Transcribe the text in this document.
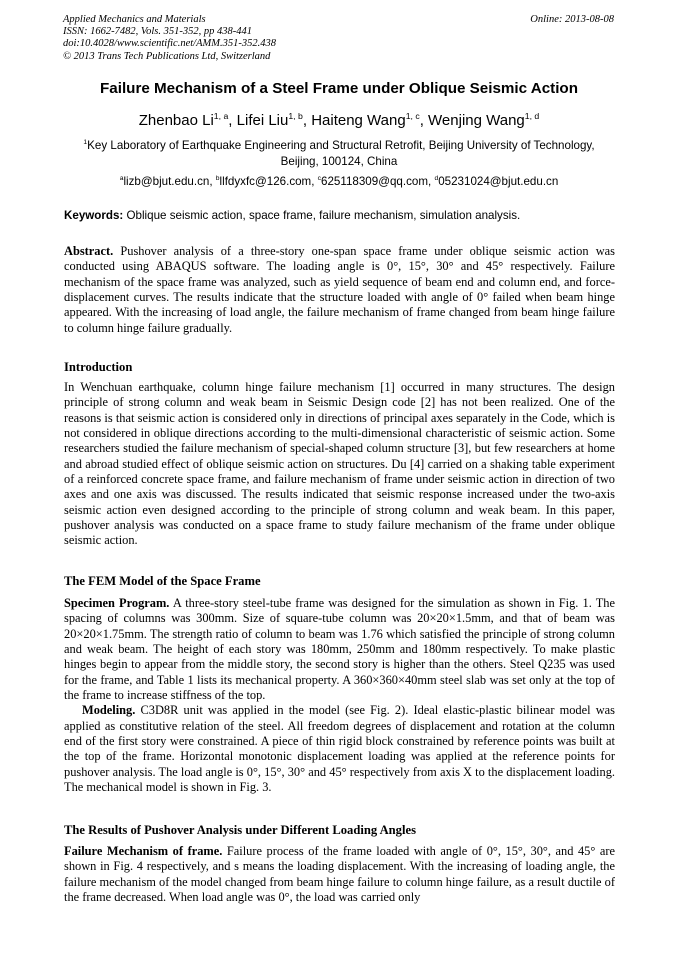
Applied Mechanics and Materials
ISSN: 1662-7482, Vols. 351-352, pp 438-441
doi:10.4028/www.scientific.net/AMM.351-352.438
© 2013 Trans Tech Publications Ltd, Switzerland
Online: 2013-08-08
Failure Mechanism of a Steel Frame under Oblique Seismic Action
Zhenbao Li$^{1, a}$, Lifei Liu$^{1, b}$, Haiteng Wang$^{1, c}$, Wenjing Wang$^{1, d}$
$^1$Key Laboratory of Earthquake Engineering and Structural Retrofit, Beijing University of Technology,
Beijing, 100124, China
$^a$lizb@bjut.edu.cn, $^b$llfdyxfc@126.com, $^c$625118309@qq.com, $^d$05231024@bjut.edu.cn
Keywords: Oblique seismic action, space frame, failure mechanism, simulation analysis.

Abstract. Pushover analysis of a three-story one-span space frame under oblique seismic action was conducted using ABAQUS software. The loading angle is 0°, 15°, 30° and 45° respectively. Failure mechanism of the space frame was analyzed, such as yield sequence of beam end and column end, and force-displacement curves. The results indicate that the structure loaded with angle of 0° failed when beam hinge appeared. With the increasing of load angle, the failure mechanism of frame changed from beam hinge failure to column hinge failure gradually.

Introduction

In Wenchuan earthquake, column hinge failure mechanism [1] occurred in many structures. The design principle of strong column and weak beam in Seismic Design code [2] has not been realized. One of the reasons is that seismic action is considered only in directions of principal axes separately in the Code, which is not considered in oblique directions according to the multi-dimensional characteristic of seismic action. Some researchers studied the failure mechanism of special-shaped column structure [3], but few researchers at home and abroad studied effect of oblique seismic action on structures. Du [4] carried on a shaking table experiment of a reinforced concrete space frame, and failure mechanism of frame under seismic action in direction of two axes and one axis was discussed. The results indicated that seismic response increased under the two-axis seismic action even designed according to the principle of strong column and weak beam. In this paper, pushover analysis was conducted on a space frame to study failure mechanism of the frame under oblique seismic action.

The FEM Model of the Space Frame

Specimen Program. A three-story steel-tube frame was designed for the simulation as shown in Fig. 1. The spacing of columns was 300mm. Size of square-tube column was 20×20×1.5mm, and that of beam was 20×20×1.75mm. The strength ratio of column to beam was 1.76 which satisfied the principle of strong column and weak beam. The height of each story was 180mm, 250mm and 180mm respectively. To make plastic hinges begin to appear from the middle story, the second story is higher than the others. Steel Q235 was used for the frame, and Table 1 lists its mechanical property. A 360×360×40mm steel slab was set only at the top of the frame to increase stiffness of the top.

Modeling. C3D8R unit was applied in the model (see Fig. 2). Ideal elastic-plastic bilinear model was applied as constitutive relation of the steel. All freedom degrees of displacement and rotation at the column end of the first story were constrained. A piece of thin rigid block constrained by reference points was built at the top of the frame. Horizontal monotonic displacement loading was applied at the reference points for pushover analysis. The load angle is 0°, 15°, 30° and 45° respectively from axis X to the displacement loading. The mechanical model is shown in Fig. 3.

The Results of Pushover Analysis under Different Loading Angles

Failure Mechanism of frame. Failure process of the frame loaded with angle of 0°, 15°, 30°, and 45° are shown in Fig. 4 respectively, and s means the loading displacement. With the increasing of loading angle, the failure mechanism of the model changed from beam hinge failure to column hinge failure, as a result ductile of the frame decreased. When load angle was 0°, the load was carried only
